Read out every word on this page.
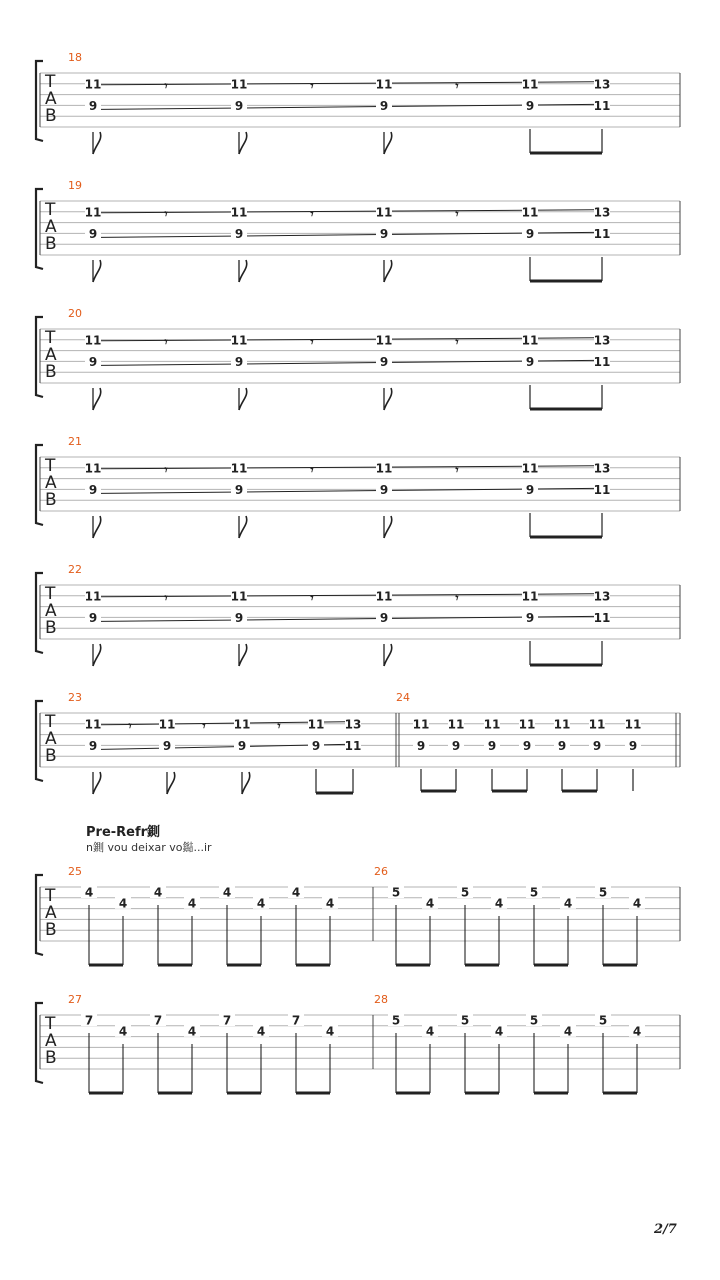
T
A
B
18
11
9
𝄾	11
9
𝄾	11
9
𝄾	11
9
13
11
T
A
B
19
11
9
𝄾	11
9
𝄾	11
9
𝄾	11
9
13
11
T
A
B
20
11
9
𝄾	11
9
𝄾	11
9
𝄾	11
9
13
11
T
A
B
21
11
9
𝄾	11
9
𝄾	11
9
𝄾	11
9
13
11
T
A
B
22
11
9
𝄾	11
9
𝄾	11
9
𝄾	11
9
13
11
T
A
B
23
11
9
𝄾 11
9
𝄾 11
9
𝄾 11
9
13
11
24
11
9
11
9
11
9
11
9
11
9
11
9
11
9
T
A
B
25
4
4
4
4
4
4
4
4
26
5
4
5
4
5
4
5
4
T
A
B
27
7
4
7
4
7
4
7
4
28
5
4
5
4
5
4
5
4
Pre-Refr鍘
n鍘 vou deixar vo鐑...ir
2/7
